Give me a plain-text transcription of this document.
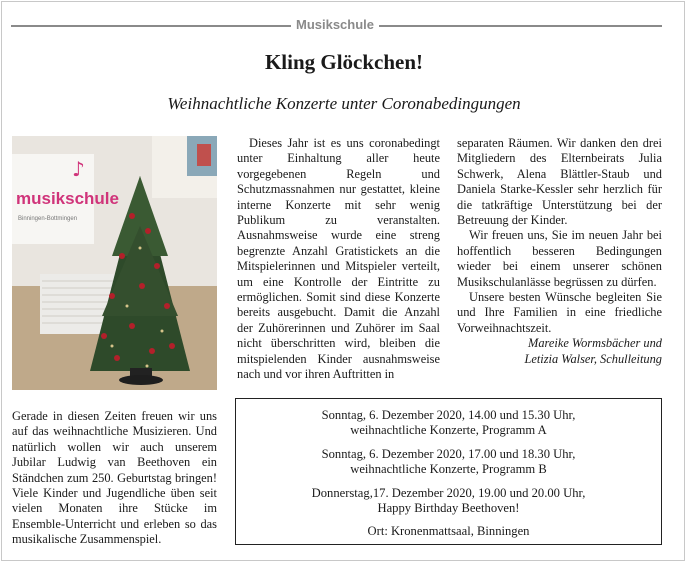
Musikschule
Kling Glöckchen!
Weihnachtliche Konzerte unter Coronabedingungen
musikschule
Binningen-Bottmingen
♪

Dieses Jahr ist es uns coronabedingt unter Einhaltung aller heute vorgegebenen Regeln und Schutzmassnahmen nur gestattet, kleine interne Konzerte mit sehr wenig Publikum zu veranstalten. Ausnahmsweise wurde eine streng begrenzte Anzahl Gratistickets an die Mitspielerinnen und Mitspieler verteilt, um eine Kontrolle der Eintritte zu ermöglichen. Somit sind diese Konzerte bereits ausgebucht. Damit die Anzahl der Zuhörerinnen und Zuhörer im Saal nicht überschritten wird, bleiben die mitspielenden Kinder ausnahmsweise nach und vor ihren Auftritten in

separaten Räumen. Wir danken den drei Mitgliedern des Elternbeirats Julia Schwerk, Alena Blättler-Staub und Daniela Starke-Kessler sehr herzlich für die tatkräftige Unterstützung bei der Betreuung der Kinder.

Wir freuen uns, Sie im neuen Jahr bei hoffentlich besseren Bedingungen wieder bei einem unserer schönen Musikschulanlässe begrüssen zu dürfen.

Unsere besten Wünsche begleiten Sie und Ihre Familien in eine friedliche Vorweihnachtszeit.

Mareike Wormsbächer und
Letizia Walser, Schulleitung

Gerade in diesen Zeiten freuen wir uns auf das weihnachtliche Musizieren. Und natürlich wollen wir auch unserem Jubilar Ludwig van Beethoven ein Ständchen zum 250. Geburtstag bringen! Viele Kinder und Jugendliche üben seit vielen Monaten ihre Stücke im Ensemble-Unterricht und erleben so das musikalische Zusammenspiel.

Sonntag, 6. Dezember 2020, 14.00 und 15.30 Uhr,
weihnachtliche Konzerte, Programm A
Sonntag, 6. Dezember 2020, 17.00 und 18.30 Uhr,
weihnachtliche Konzerte, Programm B
Donnerstag,17. Dezember 2020, 19.00 und 20.00 Uhr,
Happy Birthday Beethoven!
Ort: Kronenmattsaal, Binningen
